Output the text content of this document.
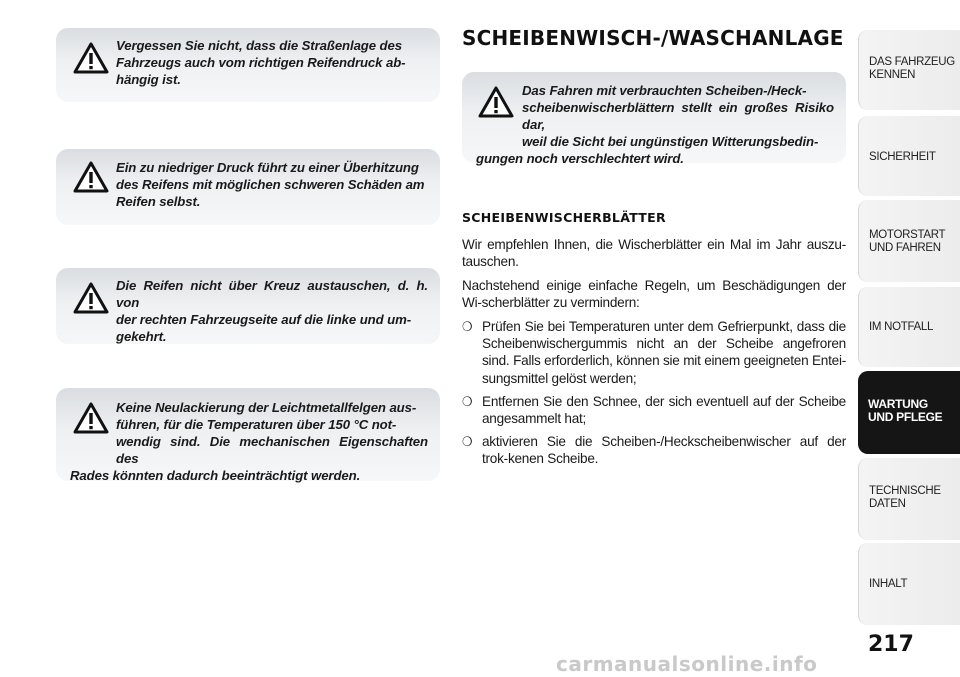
Vergessen Sie nicht, dass die Straßenlage des
Fahrzeugs auch vom richtigen Reifendruck ab-
hängig ist.
Ein zu niedriger Druck führt zu einer Überhitzung
des Reifens mit möglichen schweren Schäden am
Reifen selbst.
Die Reifen nicht über Kreuz austauschen, d. h. von
der rechten Fahrzeugseite auf die linke und um-
gekehrt.
Keine Neulackierung der Leichtmetallfelgen aus-
führen, für die Temperaturen über 150 °C not-
wendig sind. Die mechanischen Eigenschaften des
Rades könnten dadurch beeinträchtigt werden.
SCHEIBENWISCH-/WASCHANLAGE
Das Fahren mit verbrauchten Scheiben-/Heck-
scheibenwischerblättern stellt ein großes Risiko dar,
weil die Sicht bei ungünstigen Witterungsbedin-
gungen noch verschlechtert wird.
SCHEIBENWISCHERBLÄTTER
Wir empfehlen Ihnen, die Wischerblätter ein Mal im Jahr auszu-tauschen.
Nachstehend einige einfache Regeln, um Beschädigungen der Wi-scherblätter zu vermindern:
❍ Prüfen Sie bei Temperaturen unter dem Gefrierpunkt, dass die Scheibenwischergummis nicht an der Scheibe angefroren sind. Falls erforderlich, können sie mit einem geeigneten Entei-sungsmittel gelöst werden;
❍ Entfernen Sie den Schnee, der sich eventuell auf der Scheibe angesammelt hat;
❍ aktivieren Sie die Scheiben-/Heckscheibenwischer auf der trok-kenen Scheibe.
DAS FAHRZEUG
KENNEN
SICHERHEIT
MOTORSTART
UND FAHREN
IM NOTFALL
WARTUNG
UND PFLEGE
TECHNISCHE
DATEN
INHALT
217
carmanualsonline.info
